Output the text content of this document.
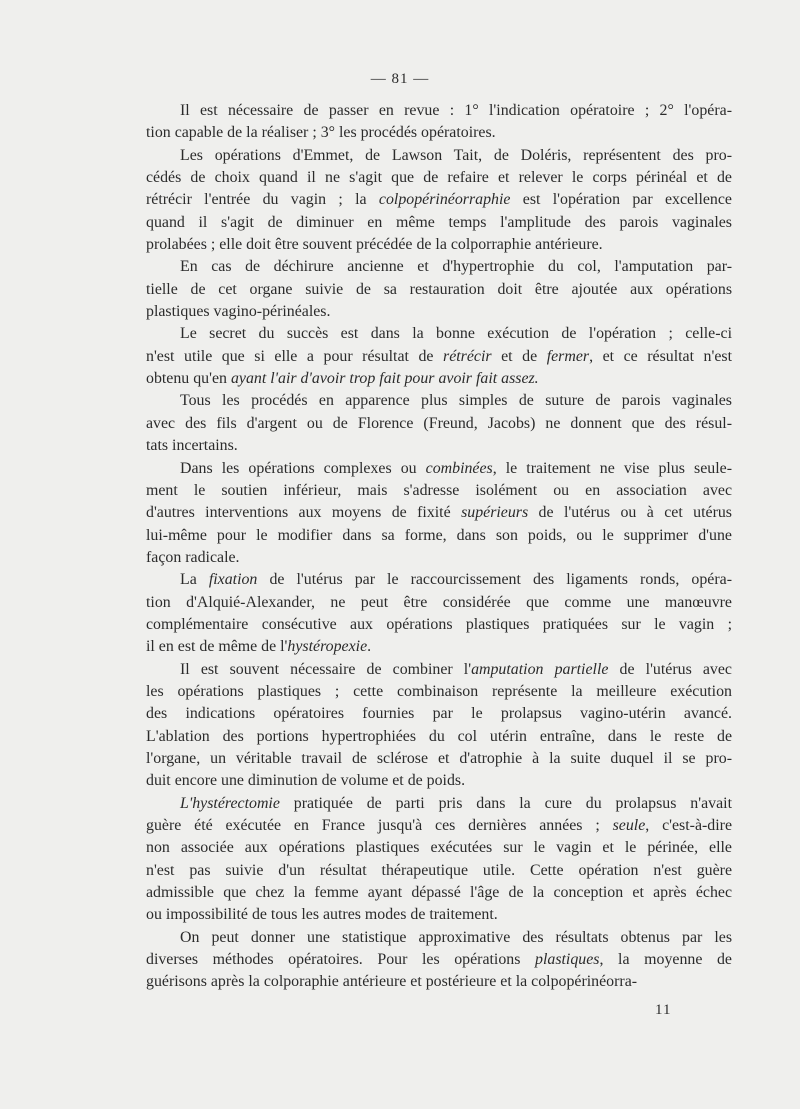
— 81 —

Il est nécessaire de passer en revue : 1° l'indication opératoire ; 2° l'opéra-
tion capable de la réaliser ; 3° les procédés opératoires.

Les opérations d'Emmet, de Lawson Tait, de Doléris, représentent des pro-
cédés de choix quand il ne s'agit que de refaire et relever le corps périnéal et de
rétrécir l'entrée du vagin ; la colpopérinéorraphie est l'opération par excellence
quand il s'agit de diminuer en même temps l'amplitude des parois vaginales
prolabées ; elle doit être souvent précédée de la colporraphie antérieure.

En cas de déchirure ancienne et d'hypertrophie du col, l'amputation par-
tielle de cet organe suivie de sa restauration doit être ajoutée aux opérations
plastiques vagino-périnéales.

Le secret du succès est dans la bonne exécution de l'opération ; celle-ci
n'est utile que si elle a pour résultat de rétrécir et de fermer, et ce résultat n'est
obtenu qu'en ayant l'air d'avoir trop fait pour avoir fait assez.

Tous les procédés en apparence plus simples de suture de parois vaginales
avec des fils d'argent ou de Florence (Freund, Jacobs) ne donnent que des résul-
tats incertains.

Dans les opérations complexes ou combinées, le traitement ne vise plus seule-
ment le soutien inférieur, mais s'adresse isolément ou en association avec
d'autres interventions aux moyens de fixité supérieurs de l'utérus ou à cet utérus
lui-même pour le modifier dans sa forme, dans son poids, ou le supprimer d'une
façon radicale.

La fixation de l'utérus par le raccourcissement des ligaments ronds, opéra-
tion d'Alquié-Alexander, ne peut être considérée que comme une manœuvre
complémentaire consécutive aux opérations plastiques pratiquées sur le vagin ;
il en est de même de l'hystéropexie.

Il est souvent nécessaire de combiner l'amputation partielle de l'utérus avec
les opérations plastiques ; cette combinaison représente la meilleure exécution
des indications opératoires fournies par le prolapsus vagino-utérin avancé.
L'ablation des portions hypertrophiées du col utérin entraîne, dans le reste de
l'organe, un véritable travail de sclérose et d'atrophie à la suite duquel il se pro-
duit encore une diminution de volume et de poids.

L'hystérectomie pratiquée de parti pris dans la cure du prolapsus n'avait
guère été exécutée en France jusqu'à ces dernières années ; seule, c'est-à-dire
non associée aux opérations plastiques exécutées sur le vagin et le périnée, elle
n'est pas suivie d'un résultat thérapeutique utile. Cette opération n'est guère
admissible que chez la femme ayant dépassé l'âge de la conception et après échec
ou impossibilité de tous les autres modes de traitement.

On peut donner une statistique approximative des résultats obtenus par les
diverses méthodes opératoires. Pour les opérations plastiques, la moyenne de
guérisons après la colporaphie antérieure et postérieure et la colpopérinéorra-

11
